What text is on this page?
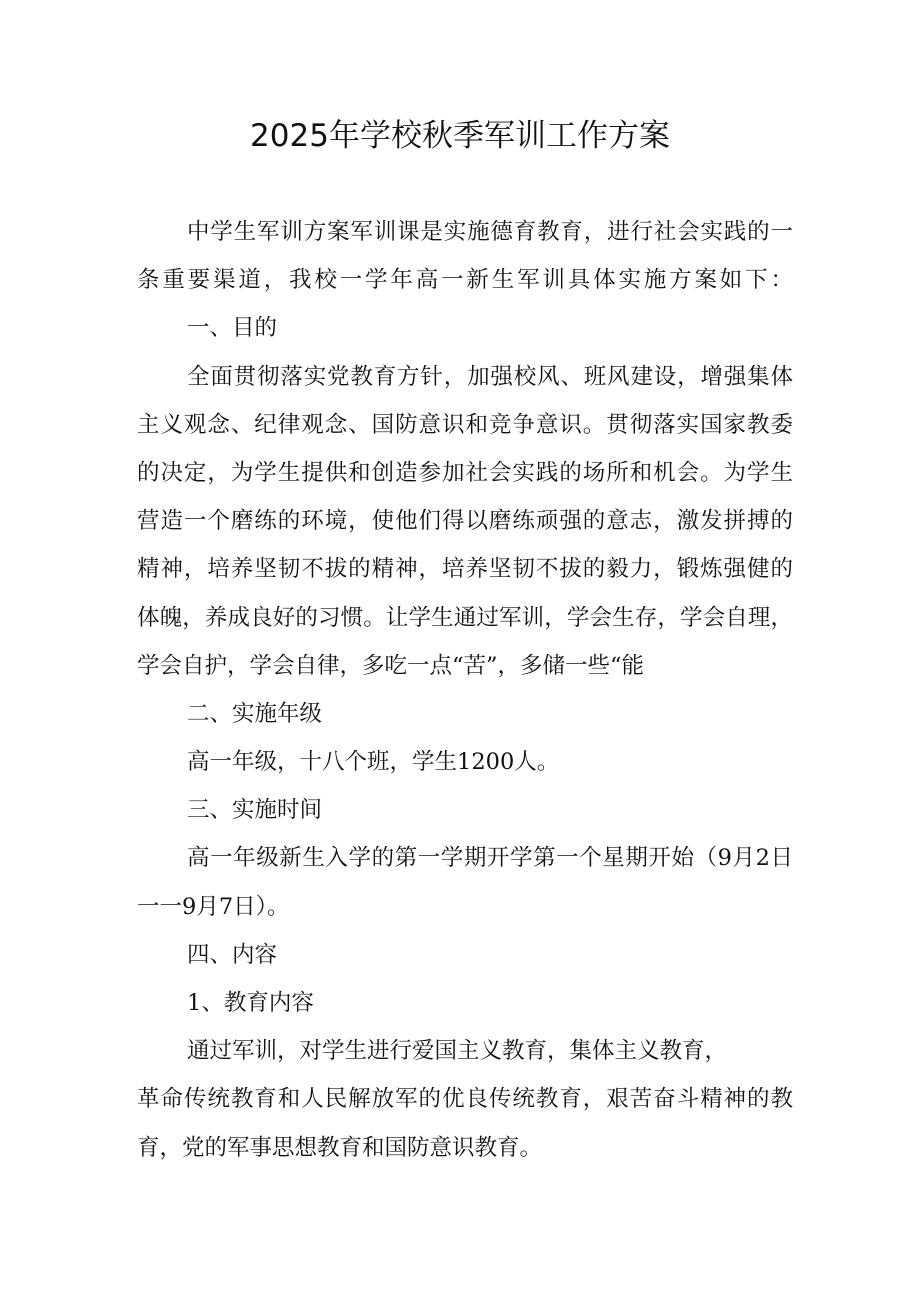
2025年学校秋季军训工作方案
中学生军训方案军训课是实施德育教育，进行社会实践的一
条重要渠道，我校一学年高一新生军训具体实施方案如下：
一、目的
全面贯彻落实党教育方针，加强校风、班风建设，增强集体
主义观念、纪律观念、国防意识和竞争意识。贯彻落实国家教委
的决定，为学生提供和创造参加社会实践的场所和机会。为学生
营造一个磨练的环境，使他们得以磨练顽强的意志，激发拼搏的
精神，培养坚韧不拔的精神，培养坚韧不拔的毅力，锻炼强健的
体魄，养成良好的习惯。让学生通过军训，学会生存，学会自理，
学会自护，学会自律，多吃一点“苦”，多储一些“能
二、实施年级
高一年级，十八个班，学生1200人。
三、实施时间
高一年级新生入学的第一学期开学第一个星期开始（9月2日
一一9月7日）。
四、内容
1、教育内容
通过军训，对学生进行爱国主义教育，集体主义教育，
革命传统教育和人民解放军的优良传统教育，艰苦奋斗精神的教
育，党的军事思想教育和国防意识教育。
